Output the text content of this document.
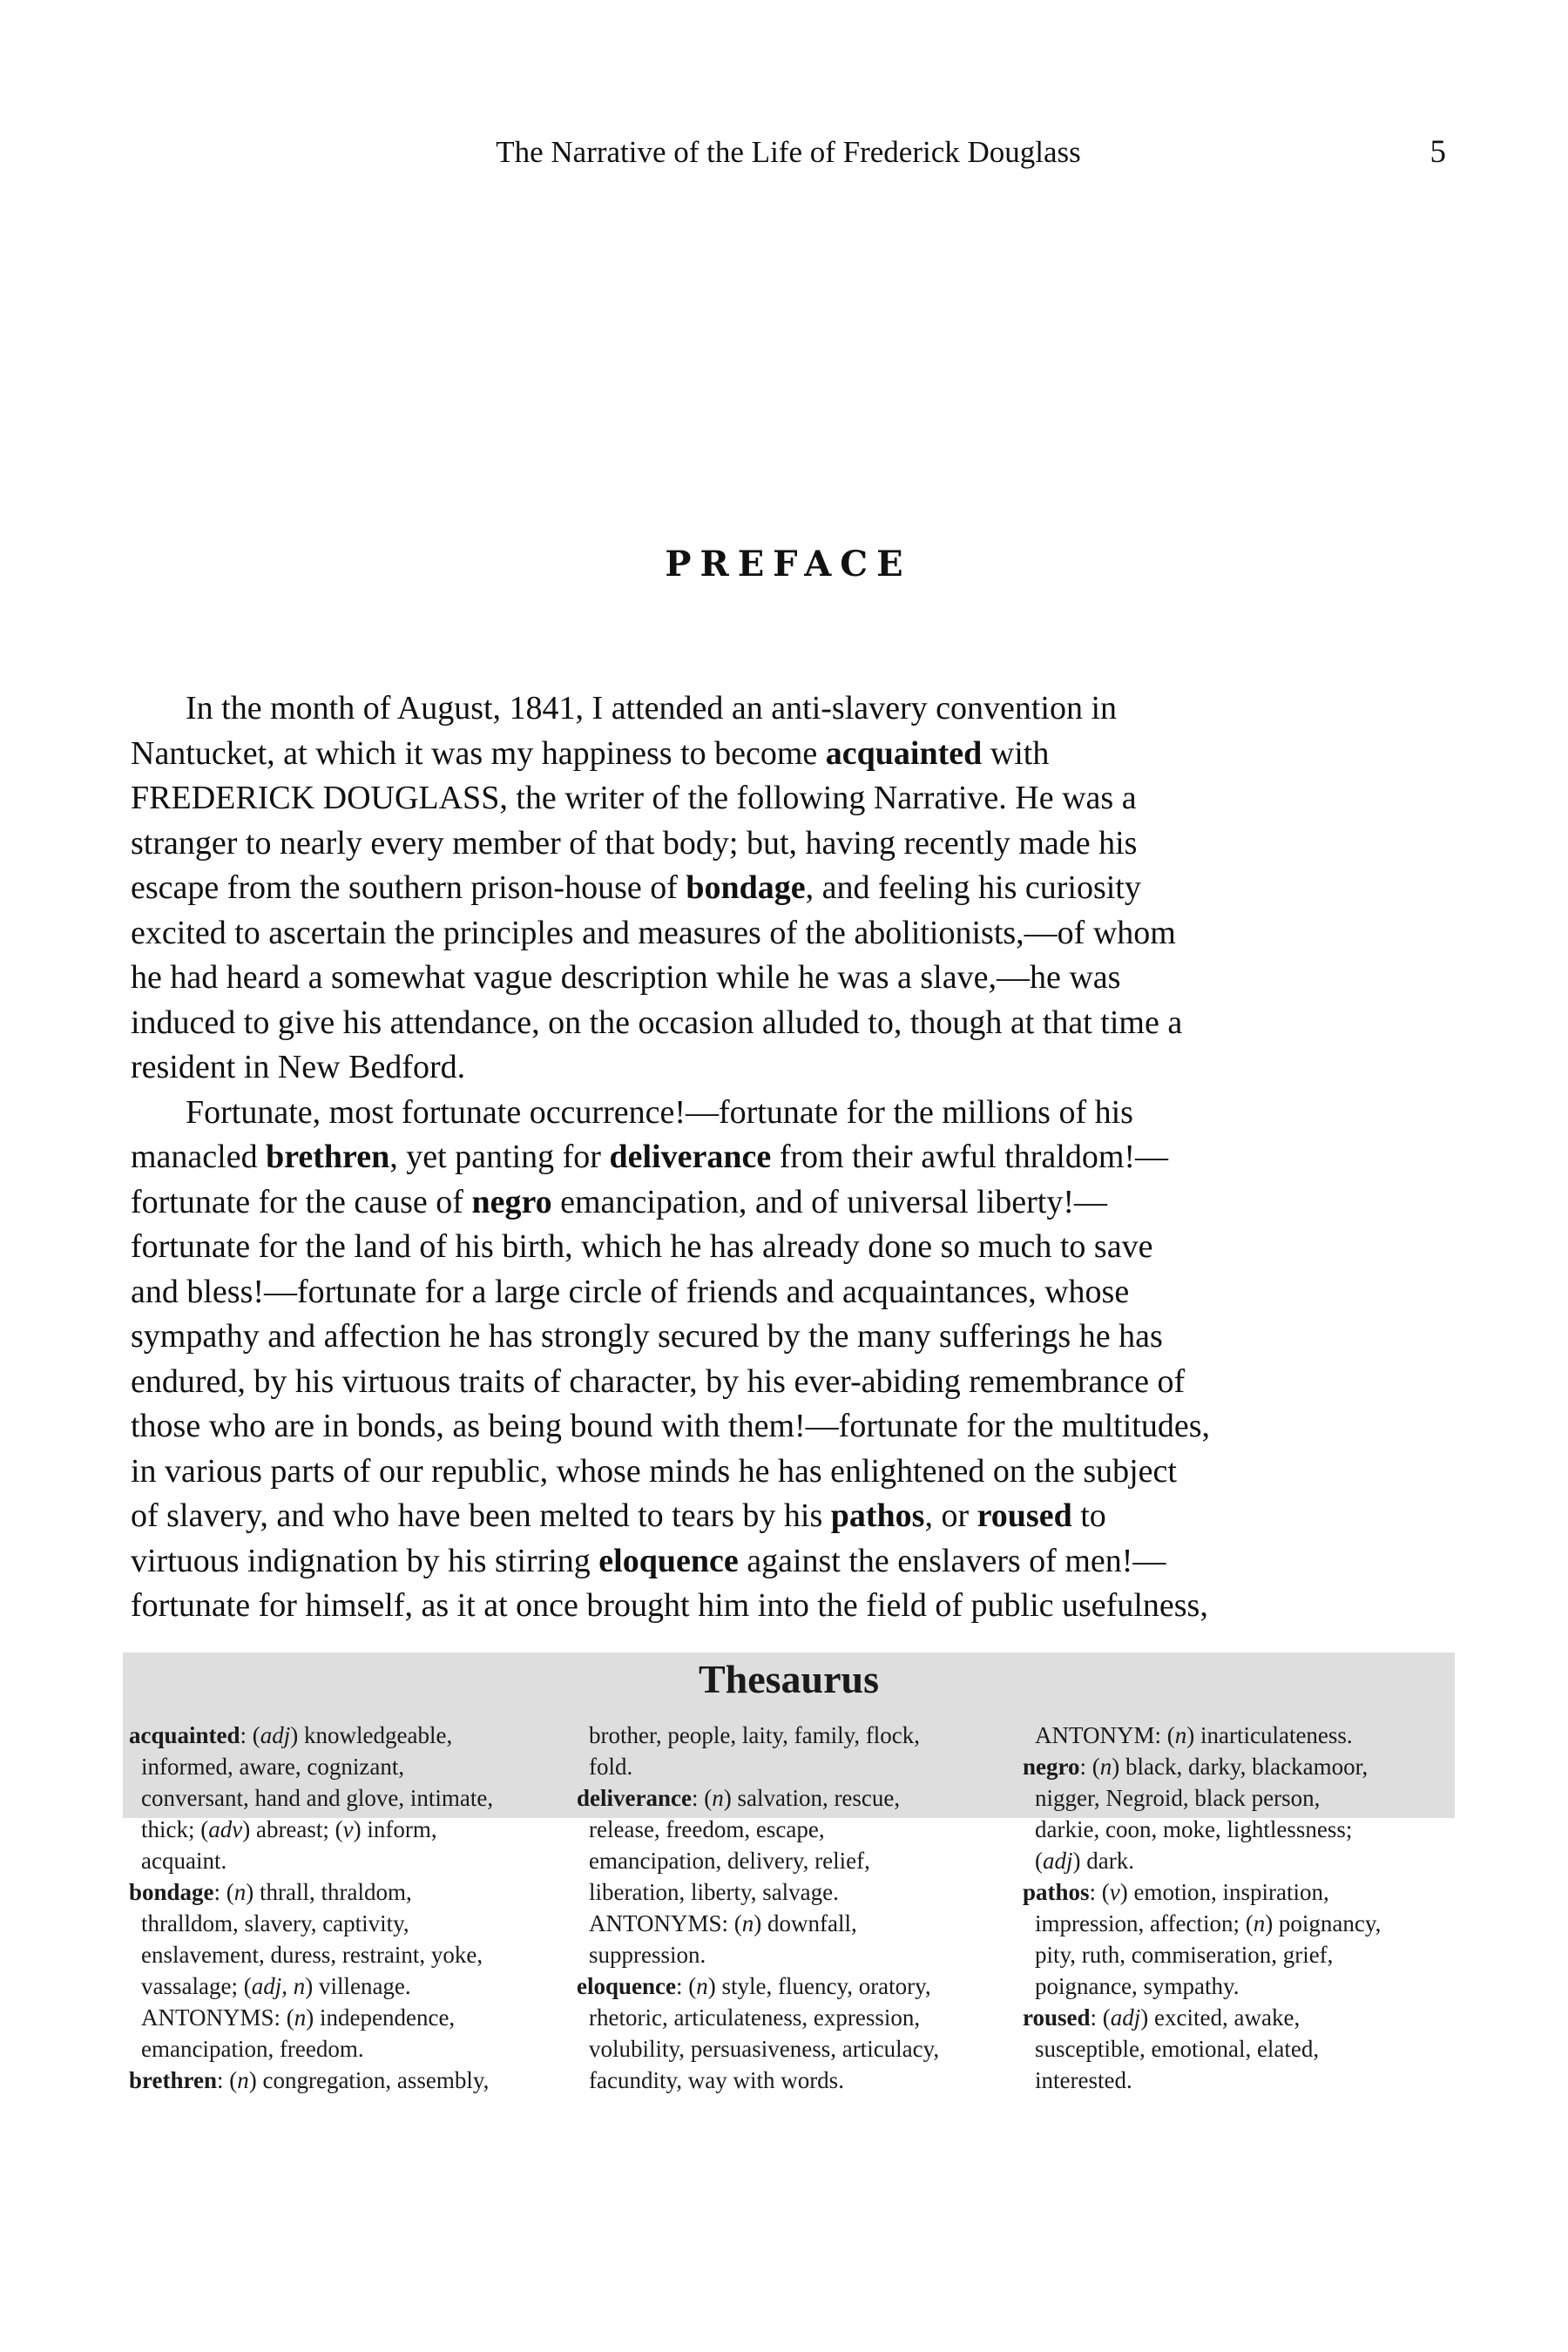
The Narrative of the Life of Frederick Douglass	5
PREFACE
In the month of August, 1841, I attended an anti-slavery convention in
Nantucket, at which it was my happiness to become acquainted with
FREDERICK DOUGLASS, the writer of the following Narrative. He was a
stranger to nearly every member of that body; but, having recently made his
escape from the southern prison-house of bondage, and feeling his curiosity
excited to ascertain the principles and measures of the abolitionists,—of whom
he had heard a somewhat vague description while he was a slave,—he was
induced to give his attendance, on the occasion alluded to, though at that time a
resident in New Bedford.
Fortunate, most fortunate occurrence!—fortunate for the millions of his
manacled brethren, yet panting for deliverance from their awful thraldom!—
fortunate for the cause of negro emancipation, and of universal liberty!—
fortunate for the land of his birth, which he has already done so much to save
and bless!—fortunate for a large circle of friends and acquaintances, whose
sympathy and affection he has strongly secured by the many sufferings he has
endured, by his virtuous traits of character, by his ever-abiding remembrance of
those who are in bonds, as being bound with them!—fortunate for the multitudes,
in various parts of our republic, whose minds he has enlightened on the subject
of slavery, and who have been melted to tears by his pathos, or roused to
virtuous indignation by his stirring eloquence against the enslavers of men!—
fortunate for himself, as it at once brought him into the field of public usefulness,
Thesaurus
acquainted: (adj) knowledgeable,
informed, aware, cognizant,
conversant, hand and glove, intimate,
thick; (adv) abreast; (v) inform,
acquaint.
bondage: (n) thrall, thraldom,
thralldom, slavery, captivity,
enslavement, duress, restraint, yoke,
vassalage; (adj, n) villenage.
ANTONYMS: (n) independence,
emancipation, freedom.
brethren: (n) congregation, assembly,
brother, people, laity, family, flock,
fold.
deliverance: (n) salvation, rescue,
release, freedom, escape,
emancipation, delivery, relief,
liberation, liberty, salvage.
ANTONYMS: (n) downfall,
suppression.
eloquence: (n) style, fluency, oratory,
rhetoric, articulateness, expression,
volubility, persuasiveness, articulacy,
facundity, way with words.
ANTONYM: (n) inarticulateness.
negro: (n) black, darky, blackamoor,
nigger, Negroid, black person,
darkie, coon, moke, lightlessness;
(adj) dark.
pathos: (v) emotion, inspiration,
impression, affection; (n) poignancy,
pity, ruth, commiseration, grief,
poignance, sympathy.
roused: (adj) excited, awake,
susceptible, emotional, elated,
interested.
